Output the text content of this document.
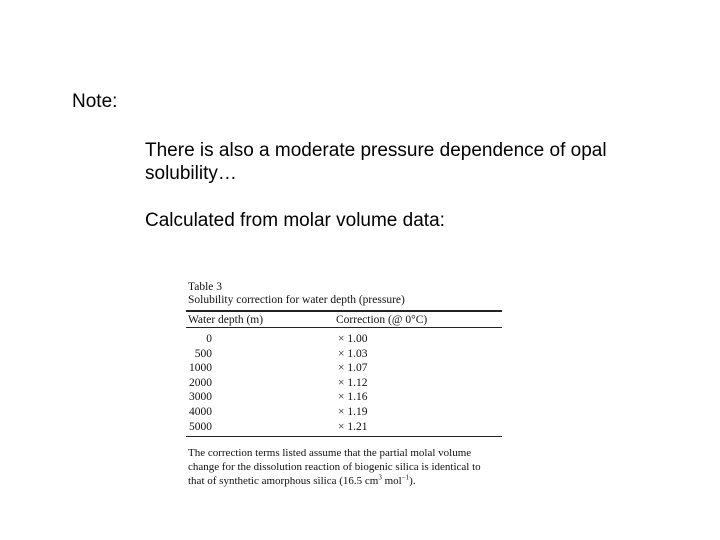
Note:
There is also a moderate pressure dependence of opal solubility…
Calculated from molar volume data:
Table 3
Solubility correction for water depth (pressure)
Water depth (m)	Correction (@ 0°C)
0	× 1.00
500	× 1.03
1000	× 1.07
2000	× 1.12
3000	× 1.16
4000	× 1.19
5000	× 1.21
The correction terms listed assume that the partial molal volume
change for the dissolution reaction of biogenic silica is identical to
that of synthetic amorphous silica (16.5 $cm^3$ mol$^{-1}$).
